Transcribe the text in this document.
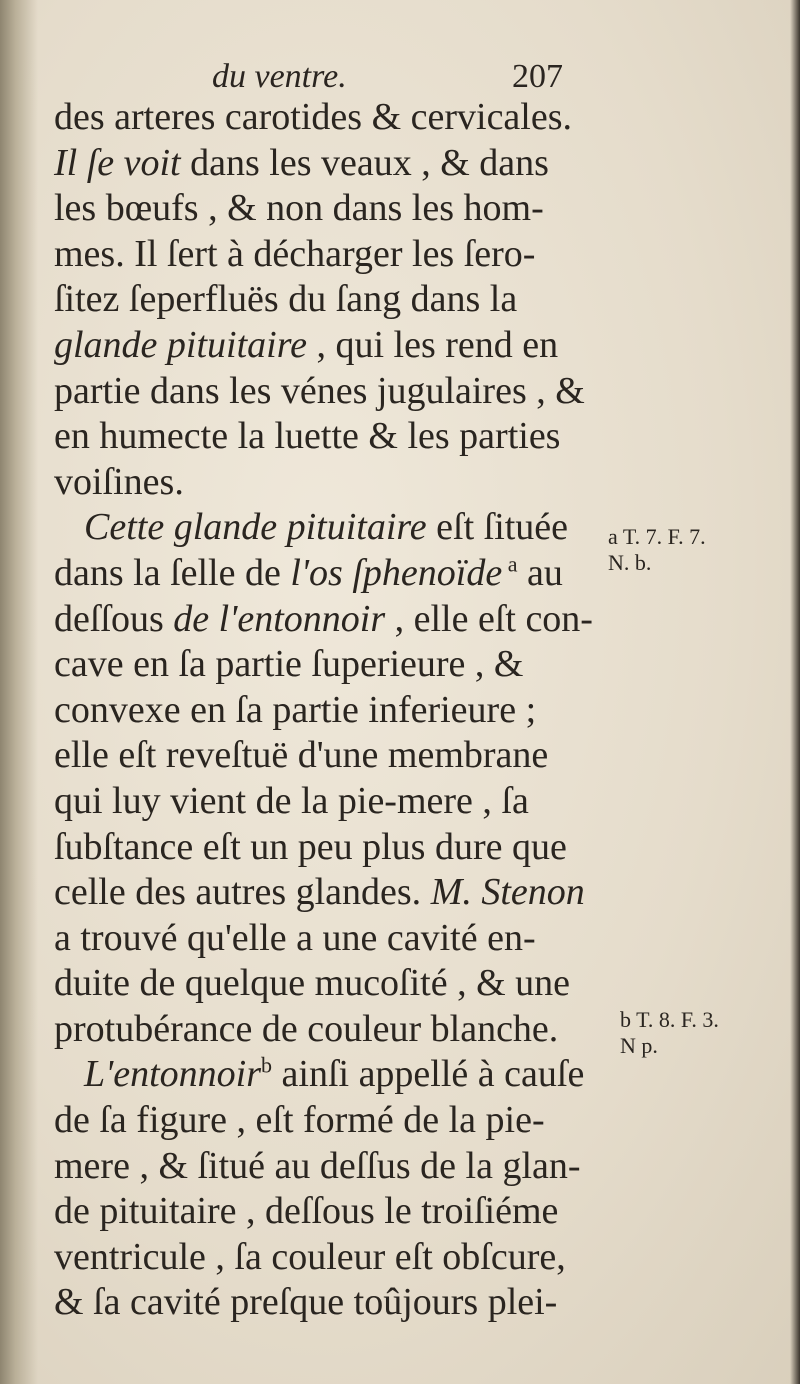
du ventre.	207
des arteres carotides & cervicales.
Il ſe voit dans les veaux , & dans
les bœufs , & non dans les hom-
mes. Il ſert à décharger les ſero-
ſitez ſeperfluës du ſang dans la
glande pituitaire , qui les rend en
partie dans les vénes jugulaires , &
en humecte la luette & les parties
voiſines.
Cette glande pituitaire eſt ſituée
dans la ſelle de l'os ſphenoïde $^a$ au
deſſous de l'entonnoir , elle eſt con-
cave en ſa partie ſuperieure , &
convexe en ſa partie inferieure ;
elle eſt reveſtuë d'une membrane
qui luy vient de la pie-mere , ſa
ſubſtance eſt un peu plus dure que
celle des autres glandes. M. Stenon
a trouvé qu'elle a une cavité en-
duite de quelque mucoſité , & une
protubérance de couleur blanche.
L'entonnoir$^b$ ainſi appellé à cauſe
de ſa figure , eſt formé de la pie-
mere , & ſitué au deſſus de la glan-
de pituitaire , deſſous le troiſiéme
ventricule , ſa couleur eſt obſcure,
& ſa cavité preſque toûjours plei-
a T. 7. F. 7.
N. b.
b T. 8. F. 3.
N p.
